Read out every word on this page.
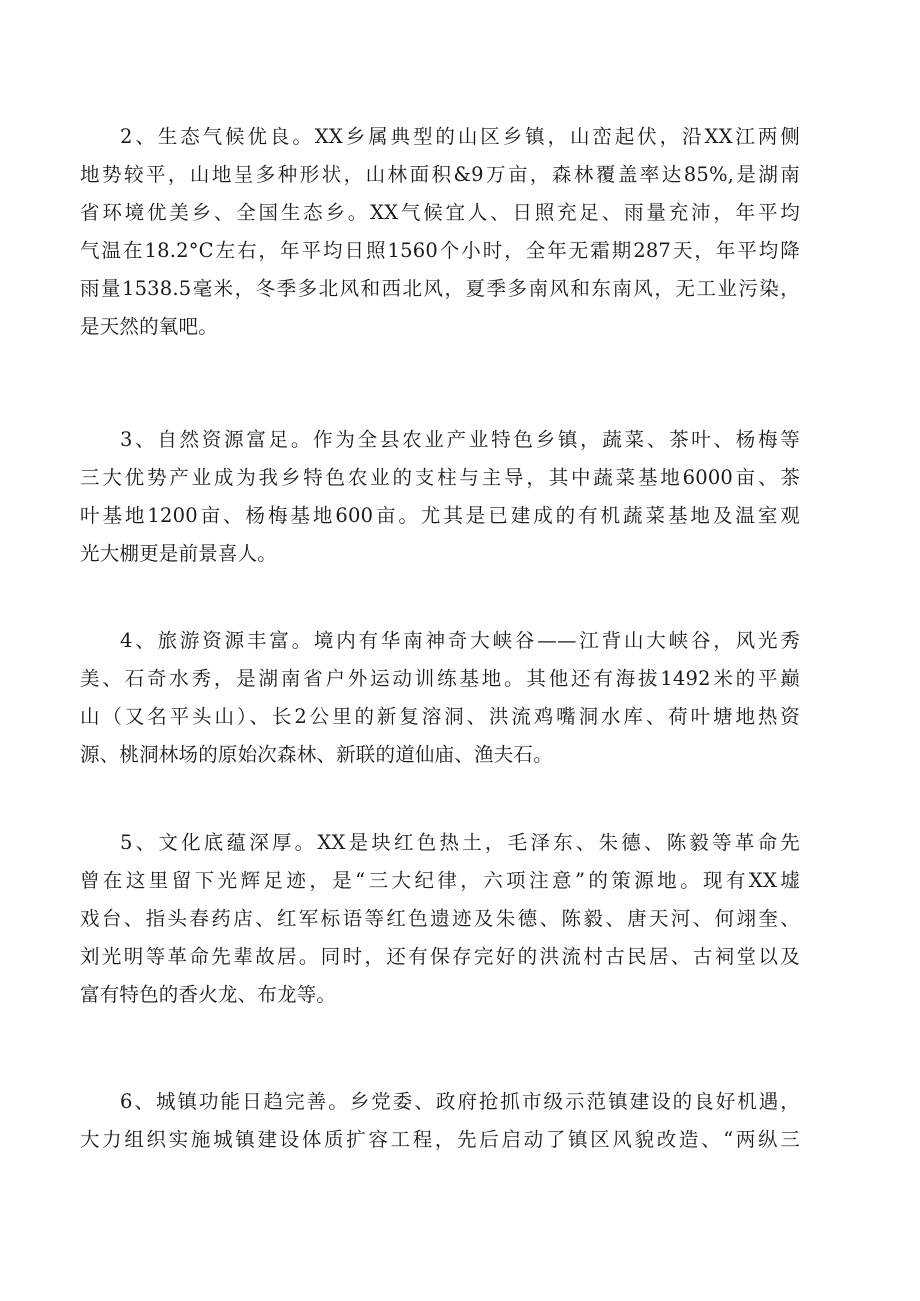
2、生态气候优良。XX乡属典型的山区乡镇，山峦起伏，沿XX江两侧
地势较平，山地呈多种形状，山林面积&9万亩，森林覆盖率达85%,是湖南
省环境优美乡、全国生态乡。XX气候宜人、日照充足、雨量充沛，年平均
气温在18.2°C左右，年平均日照1560个小时，全年无霜期287天，年平均降
雨量1538.5毫米，冬季多北风和西北风，夏季多南风和东南风，无工业污染，
是天然的氧吧。
3、自然资源富足。作为全县农业产业特色乡镇，蔬菜、茶叶、杨梅等
三大优势产业成为我乡特色农业的支柱与主导，其中蔬菜基地6000亩、茶
叶基地1200亩、杨梅基地600亩。尤其是已建成的有机蔬菜基地及温室观
光大棚更是前景喜人。
4、旅游资源丰富。境内有华南神奇大峡谷——江背山大峡谷，风光秀
美、石奇水秀，是湖南省户外运动训练基地。其他还有海拔1492米的平巅
山（又名平头山）、长2公里的新复溶洞、洪流鸡嘴洞水库、荷叶塘地热资
源、桃洞林场的原始次森林、新联的道仙庙、渔夫石。
5、文化底蕴深厚。XX是块红色热土，毛泽东、朱德、陈毅等革命先
曾在这里留下光辉足迹，是“三大纪律，六项注意”的策源地。现有XX墟
戏台、指头春药店、红军标语等红色遗迹及朱德、陈毅、唐天河、何翊奎、
刘光明等革命先辈故居。同时，还有保存完好的洪流村古民居、古祠堂以及
富有特色的香火龙、布龙等。
6、城镇功能日趋完善。乡党委、政府抢抓市级示范镇建设的良好机遇，
大力组织实施城镇建设体质扩容工程，先后启动了镇区风貌改造、“两纵三
